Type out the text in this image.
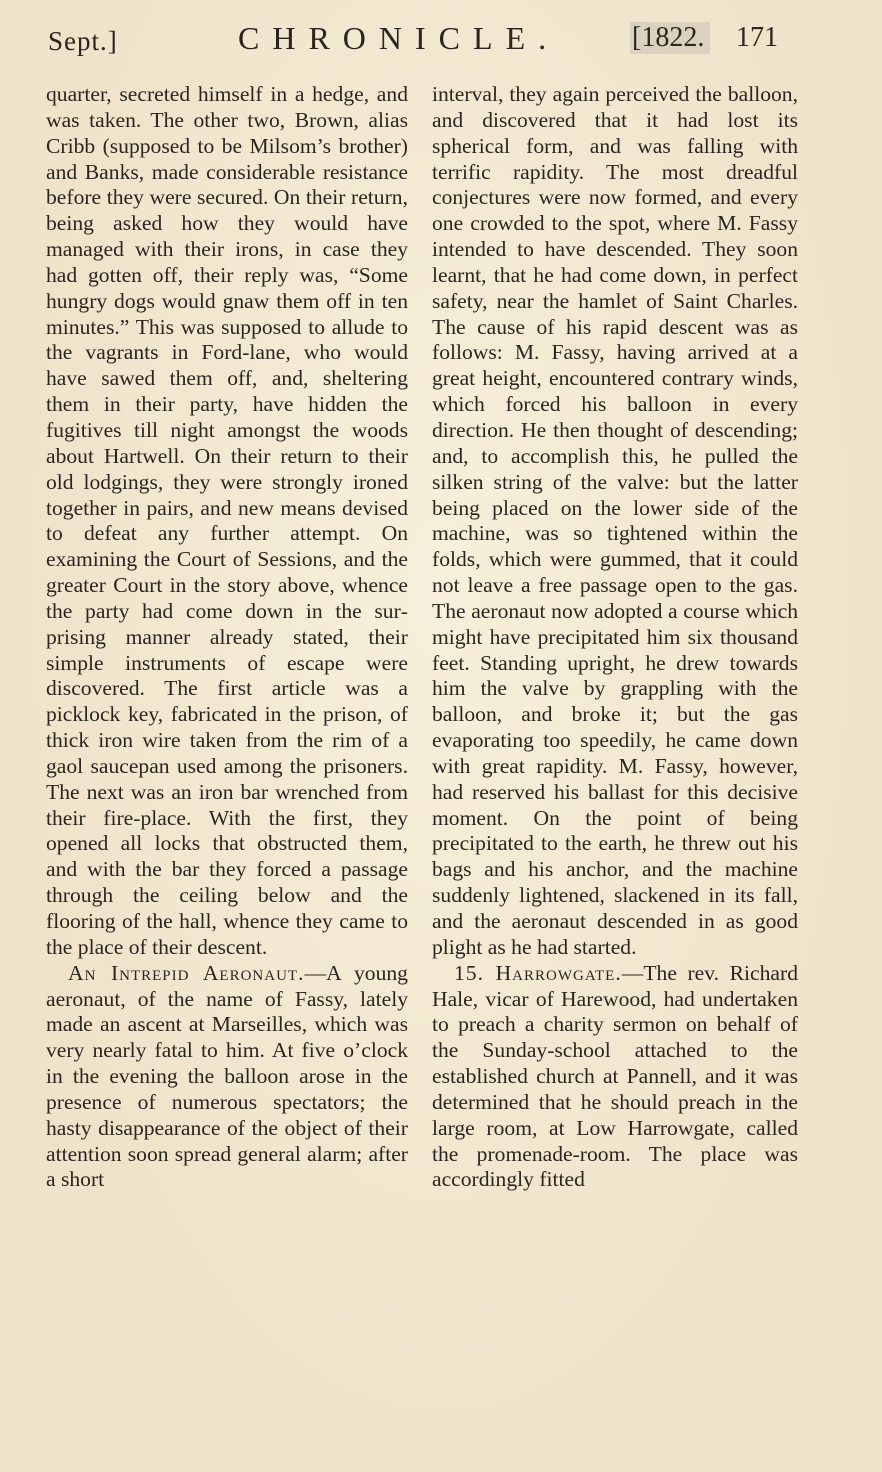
Sept.]	CHRONICLE.	[1822. 171

quarter, secreted himself in a hedge, and was taken. The other two, Brown, alias Cribb (supposed to be Milsom’s brother) and Banks, made considerable resistance before they were secured. On their return, being asked how they would have managed with their irons, in case they had gotten off, their reply was, “Some hungry dogs would gnaw them off in ten minutes.” This was supposed to allude to the vagrants in Ford-lane, who would have sawed them off, and, sheltering them in their party, have hidden the fugitives till night amongst the woods about Hartwell. On their return to their old lodgings, they were strongly ironed together in pairs, and new means devised to defeat any further attempt. On examining the Court of Sessions, and the greater Court in the story above, whence the party had come down in the surprising manner already stated, their simple instruments of escape were discovered. The first article was a picklock key, fabricated in the prison, of thick iron wire taken from the rim of a gaol saucepan used among the prisoners. The next was an iron bar wrenched from their fire-place. With the first, they opened all locks that obstructed them, and with the bar they forced a passage through the ceiling below and the flooring of the hall, whence they came to the place of their descent.

An Intrepid Aeronaut.—A young aeronaut, of the name of Fassy, lately made an ascent at Marseilles, which was very nearly fatal to him. At five o’clock in the evening the balloon arose in the presence of numerous spectators; the hasty disappearance of the object of their attention soon spread general alarm; after a short

interval, they again perceived the balloon, and discovered that it had lost its spherical form, and was falling with terrific rapidity. The most dreadful conjectures were now formed, and every one crowded to the spot, where M. Fassy intended to have descended. They soon learnt, that he had come down, in perfect safety, near the hamlet of Saint Charles. The cause of his rapid descent was as follows: M. Fassy, having arrived at a great height, encountered contrary winds, which forced his balloon in every direction. He then thought of descending; and, to accomplish this, he pulled the silken string of the valve: but the latter being placed on the lower side of the machine, was so tightened within the folds, which were gummed, that it could not leave a free passage open to the gas. The aeronaut now adopted a course which might have precipitated him six thousand feet. Standing upright, he drew towards him the valve by grappling with the balloon, and broke it; but the gas evaporating too speedily, he came down with great rapidity. M. Fassy, however, had reserved his ballast for this decisive moment. On the point of being precipitated to the earth, he threw out his bags and his anchor, and the machine suddenly lightened, slackened in its fall, and the aeronaut descended in as good plight as he had started.

15. Harrowgate.—The rev. Richard Hale, vicar of Harewood, had undertaken to preach a charity sermon on behalf of the Sunday-school attached to the established church at Pannell, and it was determined that he should preach in the large room, at Low Harrowgate, called the promenade-room. The place was accordingly fitted
